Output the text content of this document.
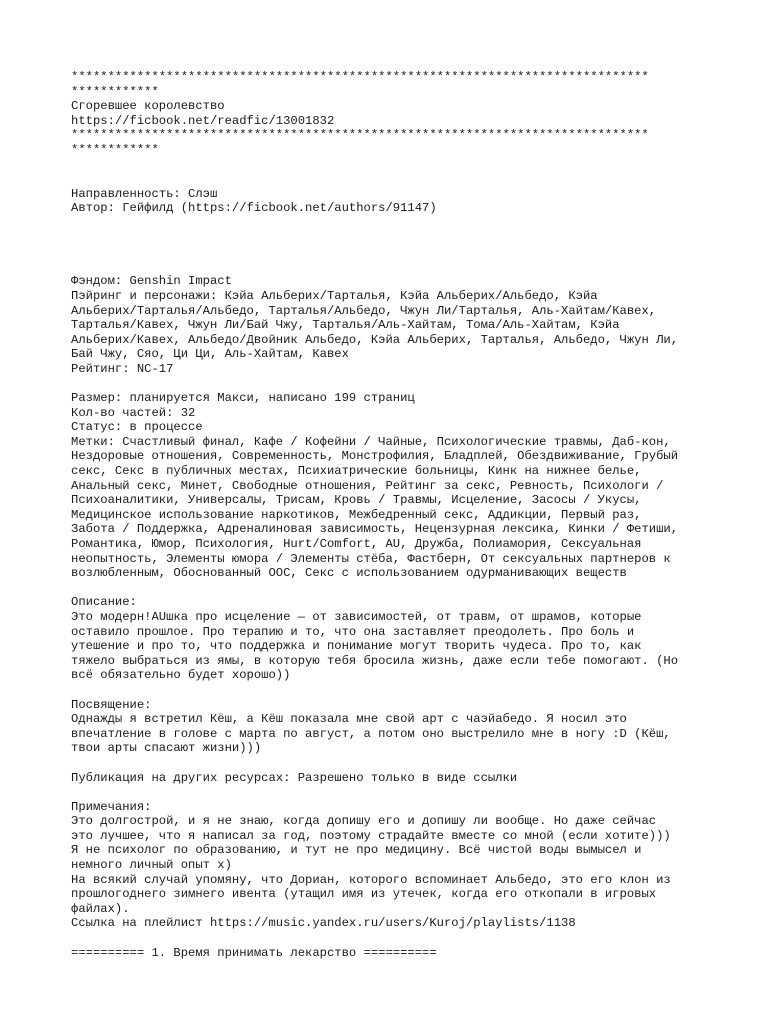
*******************************************************************************
************
Сгоревшее королевство
https://ficbook.net/readfic/13001832
*******************************************************************************
************
Направленность: Слэш
Автор: Гейфилд (https://ficbook.net/authors/91147)
Фэндом: Genshin Impact
Пэйринг и персонажи: Кэйа Альберих/Тарталья, Кэйа Альберих/Альбедо, Кэйа
Альберих/Тарталья/Альбедо, Тарталья/Альбедо, Чжун Ли/Тарталья, Аль-Хайтам/Кавех,
Тарталья/Кавех, Чжун Ли/Бай Чжу, Тарталья/Аль-Хайтам, Тома/Аль-Хайтам, Кэйа
Альберих/Кавех, Альбедо/Двойник Альбедо, Кэйа Альберих, Тарталья, Альбедо, Чжун Ли,
Бай Чжу, Сяо, Ци Ци, Аль-Хайтам, Кавех
Рейтинг: NC-17
Размер: планируется Макси, написано 199 страниц
Кол-во частей: 32
Статус: в процессе
Метки: Счастливый финал, Кафе / Кофейни / Чайные, Психологические травмы, Даб-кон,
Нездоровые отношения, Современность, Монстрофилия, Бладплей, Обездвиживание, Грубый
секс, Секс в публичных местах, Психиатрические больницы, Кинк на нижнее белье,
Анальный секс, Минет, Свободные отношения, Рейтинг за секс, Ревность, Психологи /
Психоаналитики, Универсалы, Трисам, Кровь / Травмы, Исцеление, Засосы / Укусы,
Медицинское использование наркотиков, Межбедренный секс, Аддикции, Первый раз,
Забота / Поддержка, Адреналиновая зависимость, Нецензурная лексика, Кинки / Фетиши,
Романтика, Юмор, Психология, Hurt/Comfort, AU, Дружба, Полиамория, Сексуальная
неопытность, Элементы юмора / Элементы стёба, Фастберн, От сексуальных партнеров к
возлюбленным, Обоснованный ООС, Секс с использованием одурманивающих веществ
Описание:
Это модерн!AUшка про исцеление — от зависимостей, от травм, от шрамов, которые
оставило прошлое. Про терапию и то, что она заставляет преодолеть. Про боль и
утешение и про то, что поддержка и понимание могут творить чудеса. Про то, как
тяжело выбраться из ямы, в которую тебя бросила жизнь, даже если тебе помогают. (Но
всё обязательно будет хорошо))
Посвящение:
Однажды я встретил Кёш, а Кёш показала мне свой арт с чаэйабедо. Я носил это
впечатление в голове с марта по август, а потом оно выстрелило мне в ногу :D (Кёш,
твои арты спасают жизни)))
Публикация на других ресурсах: Разрешено только в виде ссылки
Примечания:
Это долгострой, и я не знаю, когда допишу его и допишу ли вообще. Но даже сейчас
это лучшее, что я написал за год, поэтому страдайте вместе со мной (если хотите)))
Я не психолог по образованию, и тут не про медицину. Всё чистой воды вымысел и
немного личный опыт x)
На всякий случай упомяну, что Дориан, которого вспоминает Альбедо, это его клон из
прошлогоднего зимнего ивента (утащил имя из утечек, когда его откопали в игровых
файлах).
Ссылка на плейлист https://music.yandex.ru/users/Kuroj/playlists/1138
========== 1. Время принимать лекарство ==========
